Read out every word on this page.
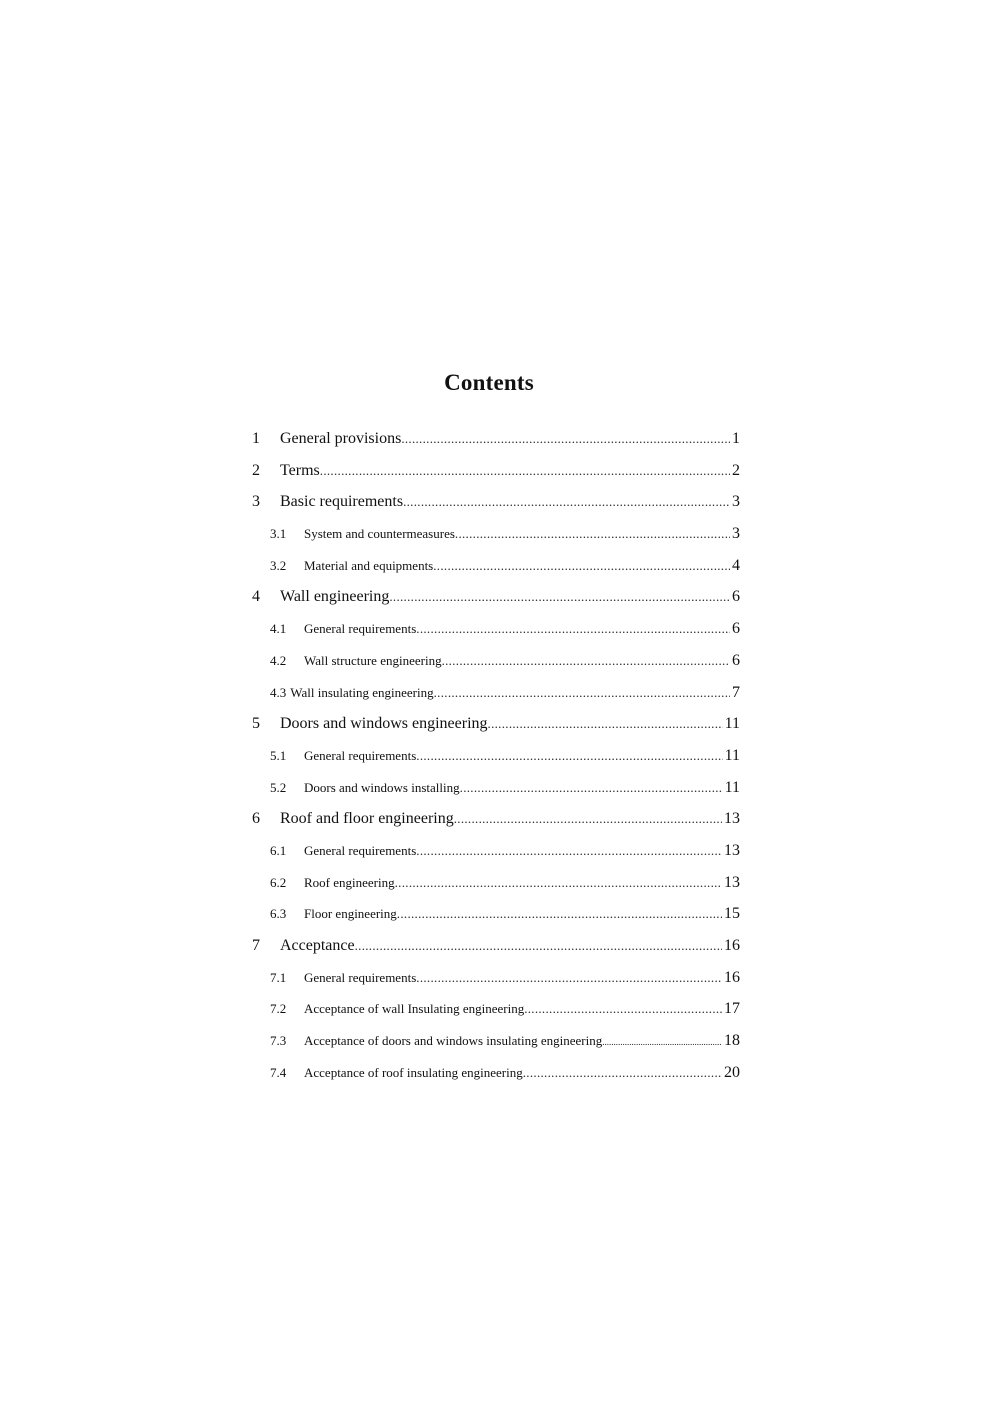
Contents
1	General provisions .....	1
2	Terms .....	2
3	Basic requirements .....	3
3.1	System and countermeasures .....	3
3.2	Material and equipments .....	4
4	Wall engineering .....	6
4.1	General requirements .....	6
4.2	Wall structure engineering .....	6
4.3 Wall insulating engineering .....	7
5	Doors and windows engineering .....	11
5.1	General requirements .....	11
5.2	Doors and windows installing .....	11
6	Roof and floor engineering .....	13
6.1	General requirements .....	13
6.2	Roof engineering .....	13
6.3	Floor engineering .....	15
7	Acceptance .....	16
7.1	General requirements .....	16
7.2	Acceptance of wall Insulating engineering .....	17
7.3	Acceptance of doors and windows insulating engineering .....	18
7.4	Acceptance of roof insulating engineering .....	20
